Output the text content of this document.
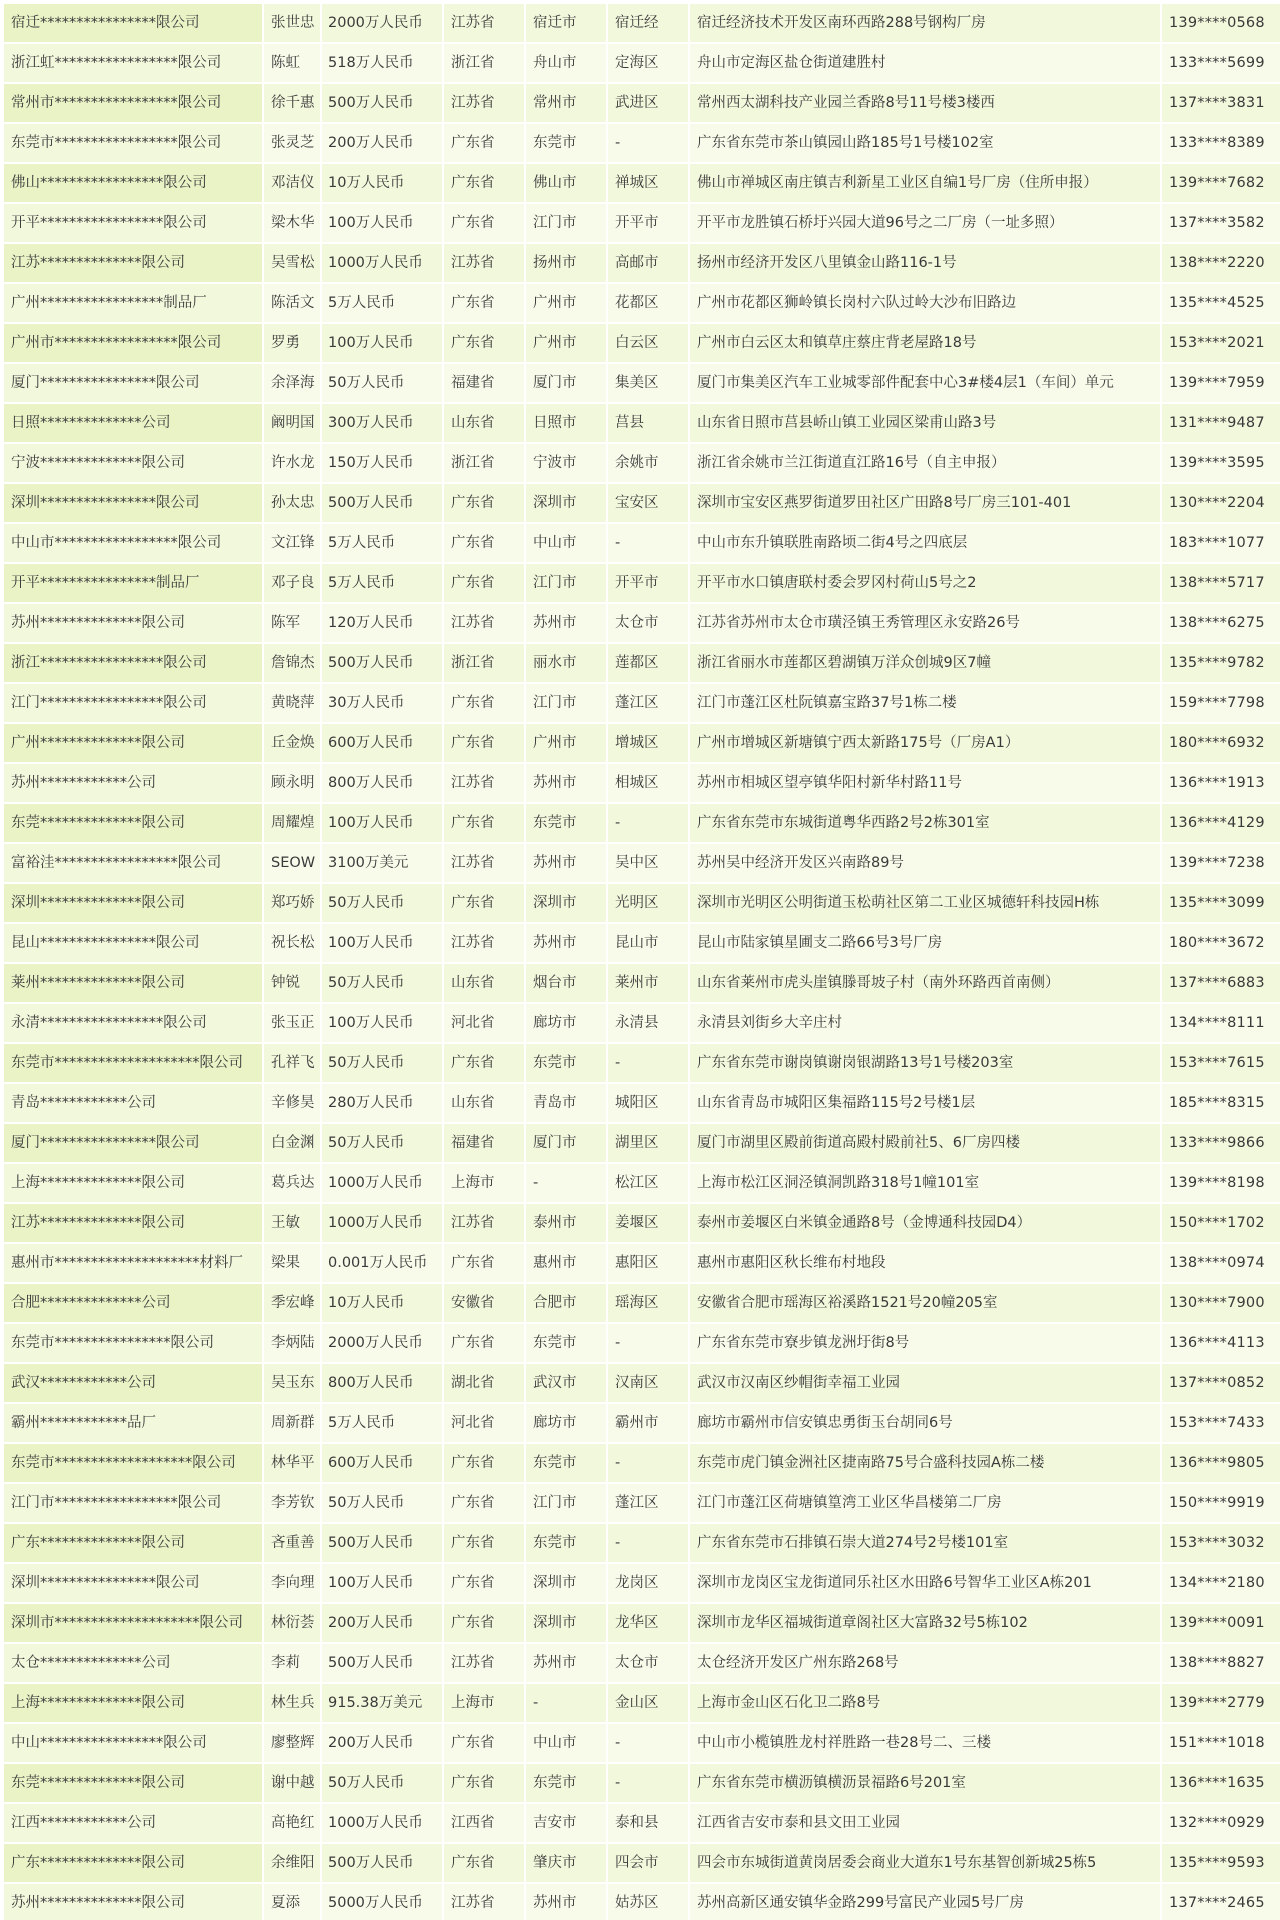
宿迁****************限公司	张世忠	2000万人民币	江苏省	宿迁市	宿迁经	宿迁经济技术开发区南环西路288号钢构厂房	139****0568
浙江虹*****************限公司	陈虹	518万人民币	浙江省	舟山市	定海区	舟山市定海区盐仓街道建胜村	133****5699
常州市*****************限公司	徐千惠	500万人民币	江苏省	常州市	武进区	常州西太湖科技产业园兰香路8号11号楼3楼西	137****3831
东莞市*****************限公司	张灵芝	200万人民币	广东省	东莞市	-	广东省东莞市茶山镇园山路185号1号楼102室	133****8389
佛山*****************限公司	邓洁仪	10万人民币	广东省	佛山市	禅城区	佛山市禅城区南庄镇吉利新星工业区自编1号厂房（住所申报）	139****7682
开平*****************限公司	梁木华	100万人民币	广东省	江门市	开平市	开平市龙胜镇石桥圩兴园大道96号之二厂房（一址多照）	137****3582
江苏**************限公司	吴雪松	1000万人民币	江苏省	扬州市	高邮市	扬州市经济开发区八里镇金山路116-1号	138****2220
广州*****************制品厂	陈活文	5万人民币	广东省	广州市	花都区	广州市花都区狮岭镇长岗村六队过岭大沙布旧路边	135****4525
广州市*****************限公司	罗勇	100万人民币	广东省	广州市	白云区	广州市白云区太和镇草庄蔡庄背老屋路18号	153****2021
厦门****************限公司	余泽海	50万人民币	福建省	厦门市	集美区	厦门市集美区汽车工业城零部件配套中心3#楼4层1（车间）单元	139****7959
日照**************公司	阚明国	300万人民币	山东省	日照市	莒县	山东省日照市莒县峤山镇工业园区梁甫山路3号	131****9487
宁波**************限公司	许水龙	150万人民币	浙江省	宁波市	余姚市	浙江省余姚市兰江街道直江路16号（自主申报）	139****3595
深圳****************限公司	孙太忠	500万人民币	广东省	深圳市	宝安区	深圳市宝安区燕罗街道罗田社区广田路8号厂房三101-401	130****2204
中山市*****************限公司	文江锋	5万人民币	广东省	中山市	-	中山市东升镇联胜南路顷二街4号之四底层	183****1077
开平****************制品厂	邓子良	5万人民币	广东省	江门市	开平市	开平市水口镇唐联村委会罗冈村荷山5号之2	138****5717
苏州**************限公司	陈军	120万人民币	江苏省	苏州市	太仓市	江苏省苏州市太仓市璜泾镇王秀管理区永安路26号	138****6275
浙江*****************限公司	詹锦杰	500万人民币	浙江省	丽水市	莲都区	浙江省丽水市莲都区碧湖镇万洋众创城9区7幢	135****9782
江门*****************限公司	黄晓萍	30万人民币	广东省	江门市	蓬江区	江门市蓬江区杜阮镇嘉宝路37号1栋二楼	159****7798
广州**************限公司	丘金焕	600万人民币	广东省	广州市	增城区	广州市增城区新塘镇宁西太新路175号（厂房A1）	180****6932
苏州************公司	顾永明	800万人民币	江苏省	苏州市	相城区	苏州市相城区望亭镇华阳村新华村路11号	136****1913
东莞**************限公司	周耀煌	100万人民币	广东省	东莞市	-	广东省东莞市东城街道粤华西路2号2栋301室	136****4129
富裕洼*****************限公司	SEOW	3100万美元	江苏省	苏州市	吴中区	苏州吴中经济开发区兴南路89号	139****7238
深圳**************限公司	郑巧娇	50万人民币	广东省	深圳市	光明区	深圳市光明区公明街道玉松萌社区第二工业区城德轩科技园H栋	135****3099
昆山****************限公司	祝长松	100万人民币	江苏省	苏州市	昆山市	昆山市陆家镇星圃支二路66号3号厂房	180****3672
莱州**************限公司	钟锐	50万人民币	山东省	烟台市	莱州市	山东省莱州市虎头崖镇滕哥坡子村（南外环路西首南侧）	137****6883
永清*****************限公司	张玉正	100万人民币	河北省	廊坊市	永清县	永清县刘街乡大辛庄村	134****8111
东莞市********************限公司	孔祥飞	50万人民币	广东省	东莞市	-	广东省东莞市谢岗镇谢岗银湖路13号1号楼203室	153****7615
青岛************公司	辛修昊	280万人民币	山东省	青岛市	城阳区	山东省青岛市城阳区集福路115号2号楼1层	185****8315
厦门****************限公司	白金渊	50万人民币	福建省	厦门市	湖里区	厦门市湖里区殿前街道高殿村殿前社5、6厂房四楼	133****9866
上海**************限公司	葛兵达	1000万人民币	上海市	-	松江区	上海市松江区洞泾镇洞凯路318号1幢101室	139****8198
江苏**************限公司	王敏	1000万人民币	江苏省	泰州市	姜堰区	泰州市姜堰区白米镇金通路8号（金博通科技园D4）	150****1702
惠州市********************材料厂	梁果	0.001万人民币	广东省	惠州市	惠阳区	惠州市惠阳区秋长维布村地段	138****0974
合肥**************公司	季宏峰	10万人民币	安徽省	合肥市	瑶海区	安徽省合肥市瑶海区裕溪路1521号20幢205室	130****7900
东莞市****************限公司	李炳陆	2000万人民币	广东省	东莞市	-	广东省东莞市寮步镇龙洲圩街8号	136****4113
武汉************公司	吴玉东	800万人民币	湖北省	武汉市	汉南区	武汉市汉南区纱帽街幸福工业园	137****0852
霸州************品厂	周新群	5万人民币	河北省	廊坊市	霸州市	廊坊市霸州市信安镇忠勇街玉台胡同6号	153****7433
东莞市*******************限公司	林华平	600万人民币	广东省	东莞市	-	东莞市虎门镇金洲社区捷南路75号合盛科技园A栋二楼	136****9805
江门市*****************限公司	李芳钦	50万人民币	广东省	江门市	蓬江区	江门市蓬江区荷塘镇篁湾工业区华昌楼第二厂房	150****9919
广东**************限公司	吝重善	500万人民币	广东省	东莞市	-	广东省东莞市石排镇石崇大道274号2号楼101室	153****3032
深圳****************限公司	李向理	100万人民币	广东省	深圳市	龙岗区	深圳市龙岗区宝龙街道同乐社区水田路6号智华工业区A栋201	134****2180
深圳市********************限公司	林衍荟	200万人民币	广东省	深圳市	龙华区	深圳市龙华区福城街道章阁社区大富路32号5栋102	139****0091
太仓**************公司	李莉	500万人民币	江苏省	苏州市	太仓市	太仓经济开发区广州东路268号	138****8827
上海**************限公司	林生兵	915.38万美元	上海市	-	金山区	上海市金山区石化卫二路8号	139****2779
中山*****************限公司	廖整辉	200万人民币	广东省	中山市	-	中山市小榄镇胜龙村祥胜路一巷28号二、三楼	151****1018
东莞**************限公司	谢中越	50万人民币	广东省	东莞市	-	广东省东莞市横沥镇横沥景福路6号201室	136****1635
江西************公司	高艳红	1000万人民币	江西省	吉安市	泰和县	江西省吉安市泰和县文田工业园	132****0929
广东**************限公司	余维阳	500万人民币	广东省	肇庆市	四会市	四会市东城街道黄岗居委会商业大道东1号东基智创新城25栋5	135****9593
苏州**************限公司	夏添	5000万人民币	江苏省	苏州市	姑苏区	苏州高新区通安镇华金路299号富民产业园5号厂房	137****2465
